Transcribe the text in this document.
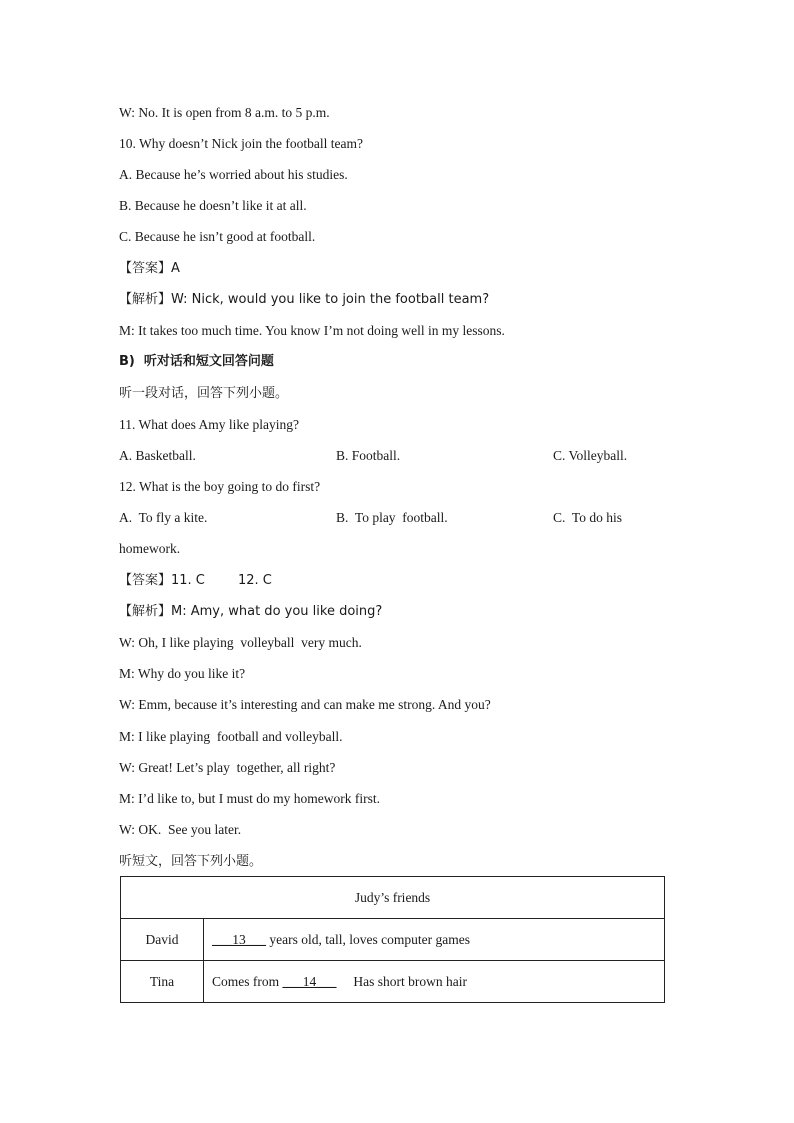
W: No. It is open from 8 a.m. to 5 p.m.
10. Why doesn’t Nick join the football team?
A. Because he’s worried about his studies.
B. Because he doesn’t like it at all.
C. Because he isn’t good at football.
【答案】A
【解析】W: Nick, would you like to join the football team?
M: It takes too much time. You know I’m not doing well in my lessons.
B)  听对话和短文回答问题
听一段对话，回答下列小题。
11. What does Amy like playing?
A. Basketball.	B. Football.	C. Volleyball.
12. What is the boy going to do first?
A.  To fly a kite.	B.  To play  football.	C.  To do his
homework.
【答案】11. C        12. C
【解析】M: Amy, what do you like doing?
W: Oh, I like playing  volleyball  very much.
M: Why do you like it?
W: Emm, because it’s interesting and can make me strong. And you?
M: I like playing  football and volleyball.
W: Great! Let’s play  together, all right?
M: I’d like to, but I must do my homework first.
W: OK.  See you later.
听短文，回答下列小题。
Judy’s friends	
David	___13___ years old, tall, loves computer games
Tina	Comes from ___14___     Has short brown hair
